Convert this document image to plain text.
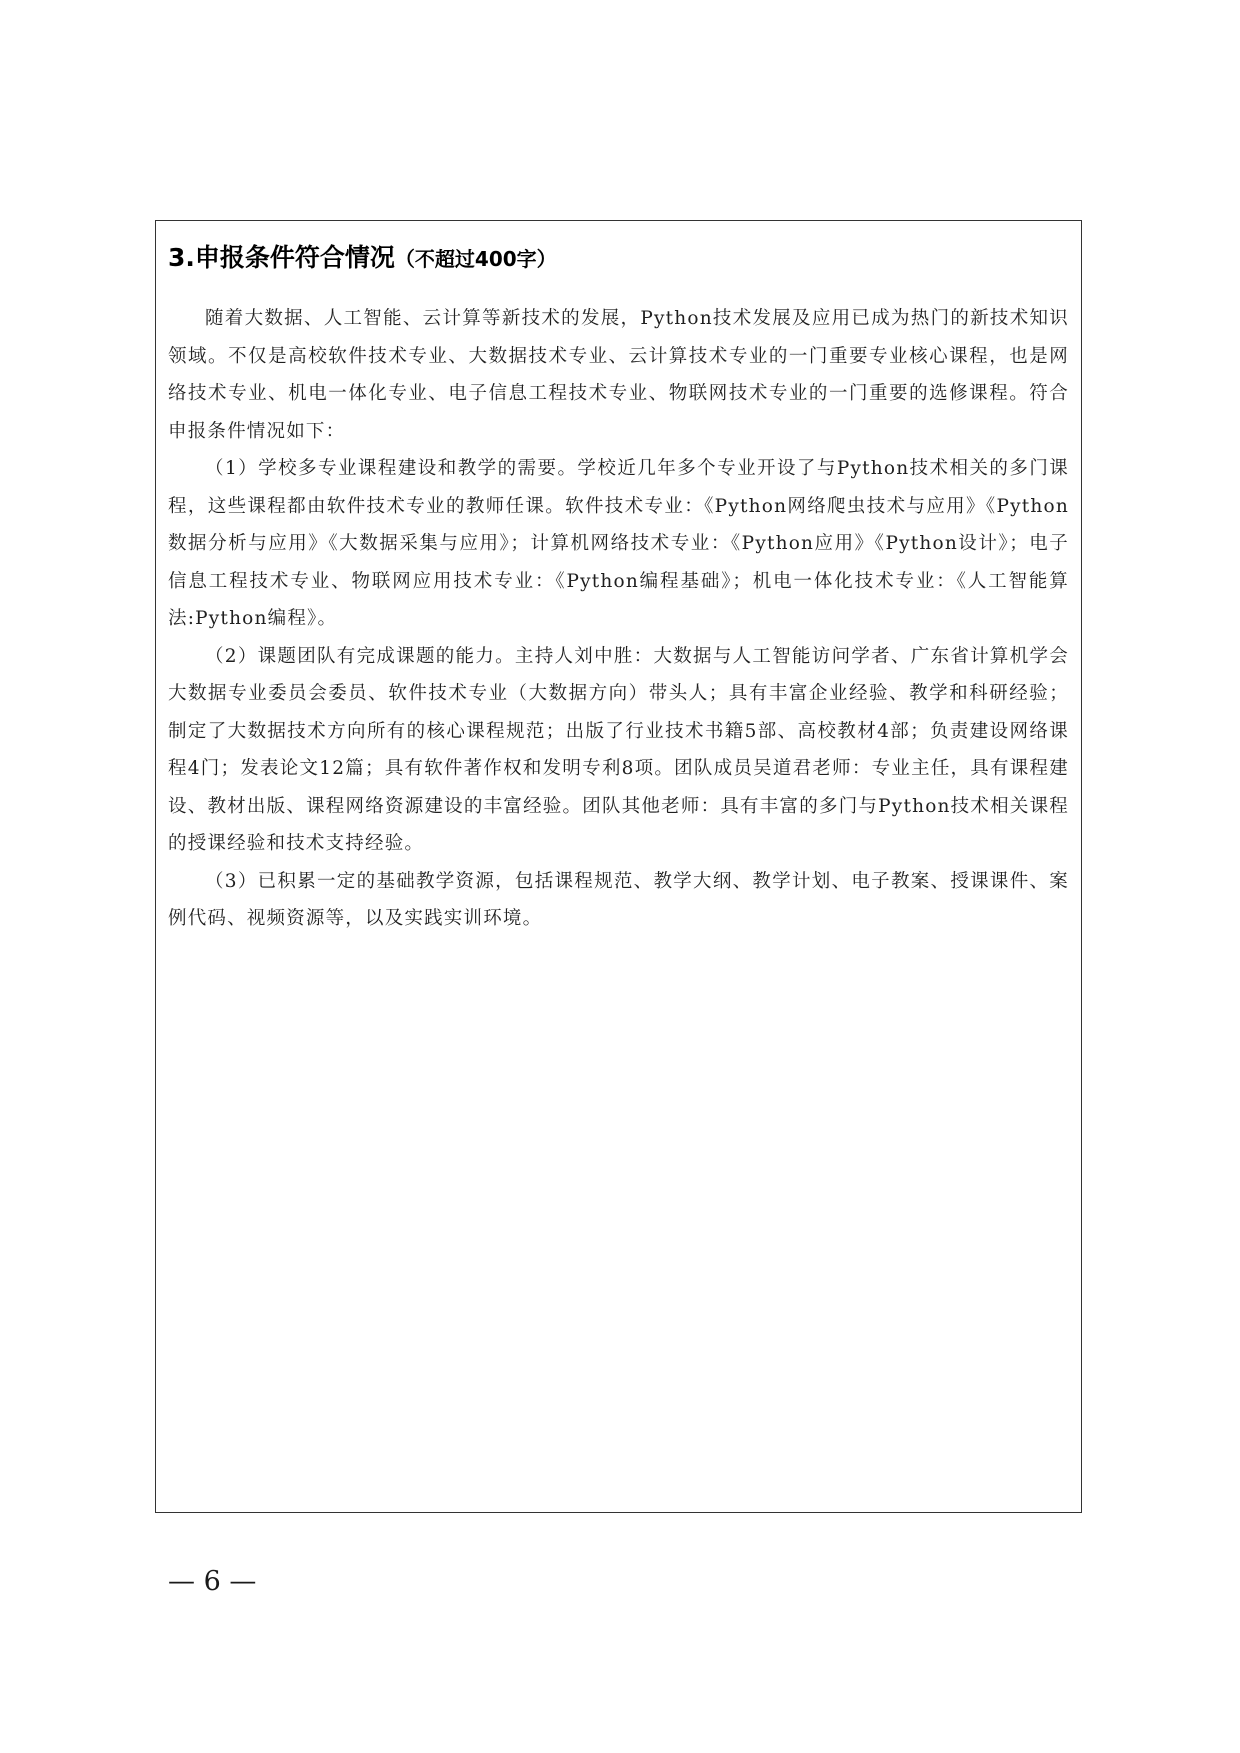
3.申报条件符合情况（不超过400字）

随着大数据、人工智能、云计算等新技术的发展，Python技术发展及应用已成为热门的新技术知识领域。不仅是高校软件技术专业、大数据技术专业、云计算技术专业的一门重要专业核心课程，也是网络技术专业、机电一体化专业、电子信息工程技术专业、物联网技术专业的一门重要的选修课程。符合申报条件情况如下：

（1）学校多专业课程建设和教学的需要。学校近几年多个专业开设了与Python技术相关的多门课程，这些课程都由软件技术专业的教师任课。软件技术专业：《Python网络爬虫技术与应用》《Python数据分析与应用》《大数据采集与应用》；计算机网络技术专业：《Python应用》《Python设计》；电子信息工程技术专业、物联网应用技术专业：《Python编程基础》；机电一体化技术专业：《人工智能算法:Python编程》。

（2）课题团队有完成课题的能力。主持人刘中胜：大数据与人工智能访问学者、广东省计算机学会大数据专业委员会委员、软件技术专业（大数据方向）带头人；具有丰富企业经验、教学和科研经验；制定了大数据技术方向所有的核心课程规范；出版了行业技术书籍5部、高校教材4部；负责建设网络课程4门；发表论文12篇；具有软件著作权和发明专利8项。团队成员吴道君老师：专业主任，具有课程建设、教材出版、课程网络资源建设的丰富经验。团队其他老师：具有丰富的多门与Python技术相关课程的授课经验和技术支持经验。

（3）已积累一定的基础教学资源，包括课程规范、教学大纲、教学计划、电子教案、授课课件、案例代码、视频资源等，以及实践实训环境。

— 6 —
